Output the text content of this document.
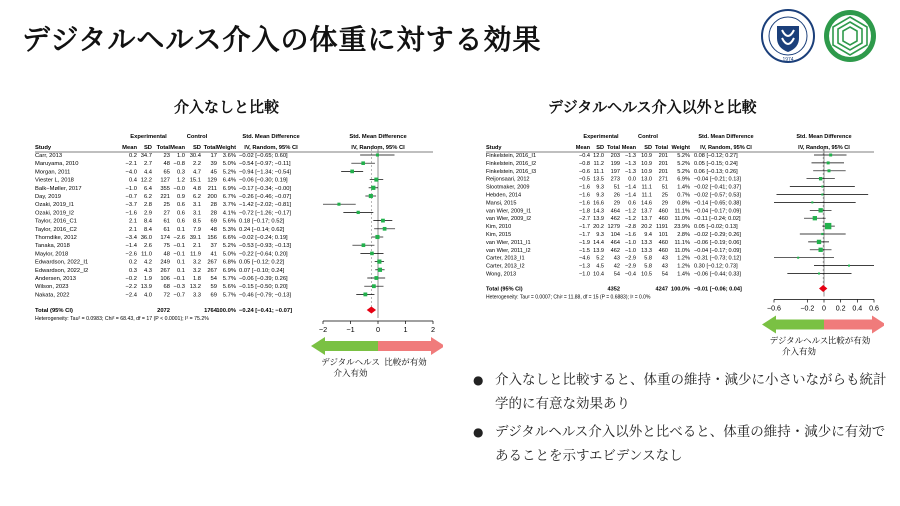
デジタルヘルス介入の体重に対する効果
1974
介入なしと比較	デジタルヘルス介入以外と比較
Experimental	Control	Std. Mean Difference	Std. Mean Difference
Study	Mean SD Total Mean SD Total Weight IV, Random, 95% CI	IV, Random, 95% CI
Carr, 2013	0.2 34.7 23 1.0 30.4 17 3.6% −0.02 [−0.65; 0.60]
Maruyama, 2010	−2.1 2.7 48 −0.8 2.2 39 5.0% −0.54 [−0.97; −0.11]
Morgan, 2011	−4.0 4.4 65 0.3 4.7 45 5.2% −0.94 [−1.34; −0.54]
Viester L, 2018	0.4 12.2 127 1.2 15.1 129 6.4% −0.06 [−0.30; 0.19]
Balk−Møller, 2017	−1.0 6.4 355 −0.0 4.8 211 6.9% −0.17 [−0.34; −0.00]
Day, 2019	−0.7 6.2 221 0.9 6.2 200 6.7% −0.26 [−0.46; −0.07]
Ozaki, 2019_I1	−3.7 2.8 25 0.6 3.1 28 3.7% −1.42 [−2.02; −0.81]
Ozaki, 2019_I2	−1.6 2.9 27 0.6 3.1 28 4.1% −0.72 [−1.26; −0.17]
Taylor, 2016_C1	2.1 8.4 61 0.6 8.5 69 5.6% 0.18 [−0.17; 0.52]
Taylor, 2016_C2	2.1 8.4 61 0.1 7.9 48 5.3% 0.24 [−0.14; 0.62]
Thorndike, 2012	−3.4 36.0 174 −2.6 39.1 156 6.6% −0.02 [−0.24; 0.19]
Tanaka, 2018	−1.4 2.6 75 −0.1 2.1 37 5.2% −0.53 [−0.93; −0.13]
Maylor, 2018	−2.6 11.0 48 −0.1 11.9 41 5.0% −0.22 [−0.64; 0.20]
Edwardson, 2022_I1	0.2 4.2 249 0.1 3.2 267 6.8% 0.05 [−0.12; 0.22]
Edwardson, 2022_I2	0.3 4.3 267 0.1 3.2 267 6.9% 0.07 [−0.10; 0.24]
Andersen, 2013	−0.2 1.9 106 −0.1 1.8 54 5.7% −0.06 [−0.39; 0.26]
Wilson, 2023	−2.2 13.9 68 −0.3 13.2 59 5.6% −0.15 [−0.50; 0.20]
Nakata, 2022	−2.4 4.0 72 −0.7 3.3 69 5.7% −0.46 [−0.79; −0.13]
Total (95% CI)	2072	1764 100.0% −0.24 [−0.41; −0.07]
Heterogeneity: Tau² = 0.0983; Chi² = 68.43, df = 17 (P < 0.0001); I² = 75.2%
−2	−1	0	1	2
デジタルヘルス
介入有効
比較が有効
Experimental	Control	Std. Mean Difference	Std. Mean Difference
Study	Mean SD Total Mean SD Total Weight IV, Random, 95% CI	IV, Random, 95% CI
Finkelstein, 2016_I1	−0.4 12.0 203 −1.3 10.9 201 5.2% 0.08 [−0.12; 0.27]
Finkelstein, 2016_I2	−0.8 11.2 199 −1.3 10.9 201 5.2% 0.05 [−0.15; 0.24]
Finkelstein, 2016_I3	−0.6 11.1 197 −1.3 10.9 201 5.2% 0.06 [−0.13; 0.26]
Reijonsaari, 2012	−0.5 13.5 273 0.0 13.0 271 6.9% −0.04 [−0.21; 0.13]
Slootmaker, 2009	−1.6 9.3 51 −1.4 11.1 51 1.4% −0.02 [−0.41; 0.37]
Hebden, 2014	−1.6 9.3 26 −1.4 11.1 25 0.7% −0.02 [−0.57; 0.53]
Mansi, 2015	−1.6 16.6 29 0.6 14.6 29 0.8% −0.14 [−0.65; 0.38]
van Wier, 2009_I1	−1.8 14.3 464 −1.2 13.7 460 11.1% −0.04 [−0.17; 0.09]
van Wier, 2009_I2	−2.7 13.9 462 −1.2 13.7 460 11.0% −0.11 [−0.24; 0.02]
Kim, 2010	−1.7 20.2 1279 −2.8 20.2 1191 23.9% 0.05 [−0.02; 0.13]
Kim, 2015	−1.7 9.3 104 −1.6 9.4 101 2.8% −0.02 [−0.29; 0.26]
van Wier, 2011_I1	−1.9 14.4 464 −1.0 13.3 460 11.1% −0.06 [−0.19; 0.06]
van Wier, 2011_I2	−1.5 13.9 462 −1.0 13.3 460 11.0% −0.04 [−0.17; 0.09]
Carter, 2013_I1	−4.6 5.2 43 −2.9 5.8 43 1.2% −0.31 [−0.73; 0.12]
Carter, 2013_I2	−1.3 4.5 42 −2.9 5.8 43 1.2% 0.30 [−0.12; 0.73]
Wong, 2013	−1.0 10.4 54 −0.4 10.5 54 1.4% −0.06 [−0.44; 0.33]
Total (95% CI)	4352	4247 100.0% −0.01 [−0.06; 0.04]
Heterogeneity: Tau² = 0.0007; Chi² = 11.88, df = 15 (P = 0.6883); I² = 0.0%
−0.6	−0.2 0 0.2 0.4 0.6
デジタルヘルス
介入有効
比較が有効
● 介入なしと比較すると、体重の維持・減少に小さいながらも統計学的に有意な効果あり
● デジタルヘルス介入以外と比べると、体重の維持・減少に有効であることを示すエビデンスなし
